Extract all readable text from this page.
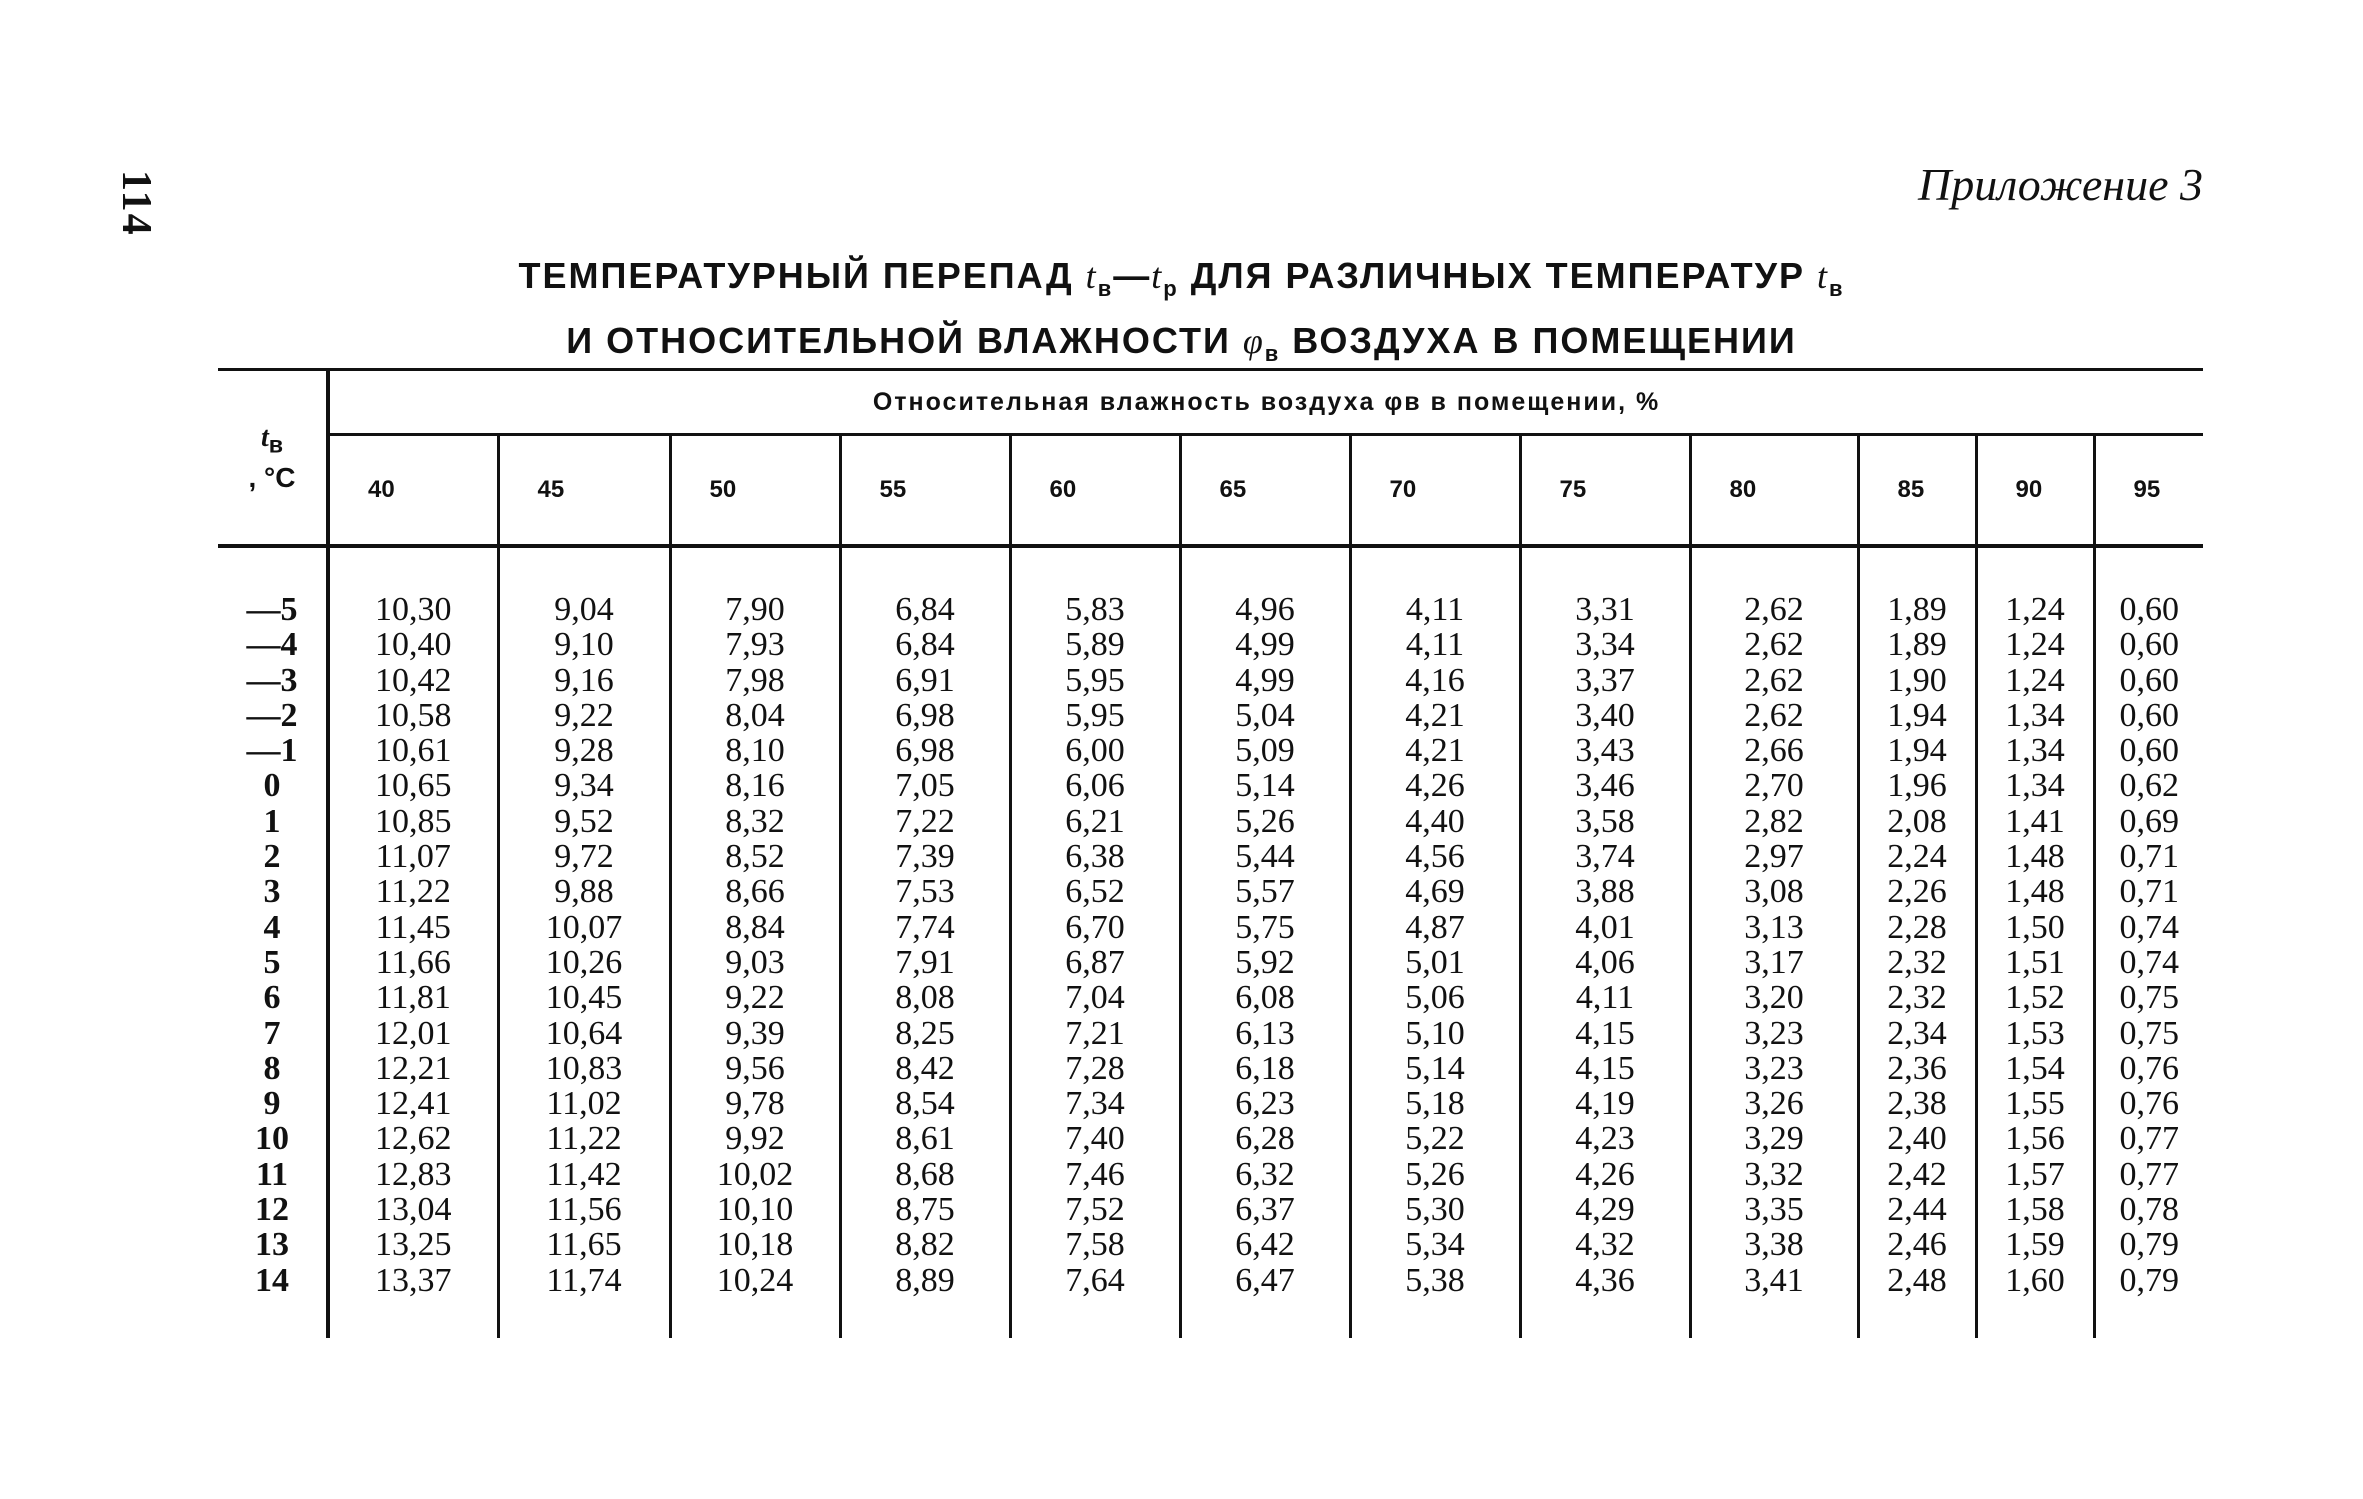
114	Приложение 3
ТЕМПЕРАТУРНЫЙ ПЕРЕПАД $t_в—t_р$ ДЛЯ РАЗЛИЧНЫХ ТЕМПЕРАТУР $t_в$
И ОТНОСИТЕЛЬНОЙ ВЛАЖНОСТИ $\varphi_в$ ВОЗДУХА В ПОМЕЩЕНИИ
$t_в$
, °C	Относительная влажность воздуха φв в помещении, %											
	40	45	50	55	60	65	70	75	80	85	90	95

—5	10,30	9,04	7,90	6,84	5,83	4,96	4,11	3,31	2,62	1,89	1,24	0,60
—4	10,40	9,10	7,93	6,84	5,89	4,99	4,11	3,34	2,62	1,89	1,24	0,60
—3	10,42	9,16	7,98	6,91	5,95	4,99	4,16	3,37	2,62	1,90	1,24	0,60
—2	10,58	9,22	8,04	6,98	5,95	5,04	4,21	3,40	2,62	1,94	1,34	0,60
—1	10,61	9,28	8,10	6,98	6,00	5,09	4,21	3,43	2,66	1,94	1,34	0,60
0	10,65	9,34	8,16	7,05	6,06	5,14	4,26	3,46	2,70	1,96	1,34	0,62
1	10,85	9,52	8,32	7,22	6,21	5,26	4,40	3,58	2,82	2,08	1,41	0,69
2	11,07	9,72	8,52	7,39	6,38	5,44	4,56	3,74	2,97	2,24	1,48	0,71
3	11,22	9,88	8,66	7,53	6,52	5,57	4,69	3,88	3,08	2,26	1,48	0,71
4	11,45	10,07	8,84	7,74	6,70	5,75	4,87	4,01	3,13	2,28	1,50	0,74
5	11,66	10,26	9,03	7,91	6,87	5,92	5,01	4,06	3,17	2,32	1,51	0,74
6	11,81	10,45	9,22	8,08	7,04	6,08	5,06	4,11	3,20	2,32	1,52	0,75
7	12,01	10,64	9,39	8,25	7,21	6,13	5,10	4,15	3,23	2,34	1,53	0,75
8	12,21	10,83	9,56	8,42	7,28	6,18	5,14	4,15	3,23	2,36	1,54	0,76
9	12,41	11,02	9,78	8,54	7,34	6,23	5,18	4,19	3,26	2,38	1,55	0,76
10	12,62	11,22	9,92	8,61	7,40	6,28	5,22	4,23	3,29	2,40	1,56	0,77
11	12,83	11,42	10,02	8,68	7,46	6,32	5,26	4,26	3,32	2,42	1,57	0,77
12	13,04	11,56	10,10	8,75	7,52	6,37	5,30	4,29	3,35	2,44	1,58	0,78
13	13,25	11,65	10,18	8,82	7,58	6,42	5,34	4,32	3,38	2,46	1,59	0,79
14	13,37	11,74	10,24	8,89	7,64	6,47	5,38	4,36	3,41	2,48	1,60	0,79
